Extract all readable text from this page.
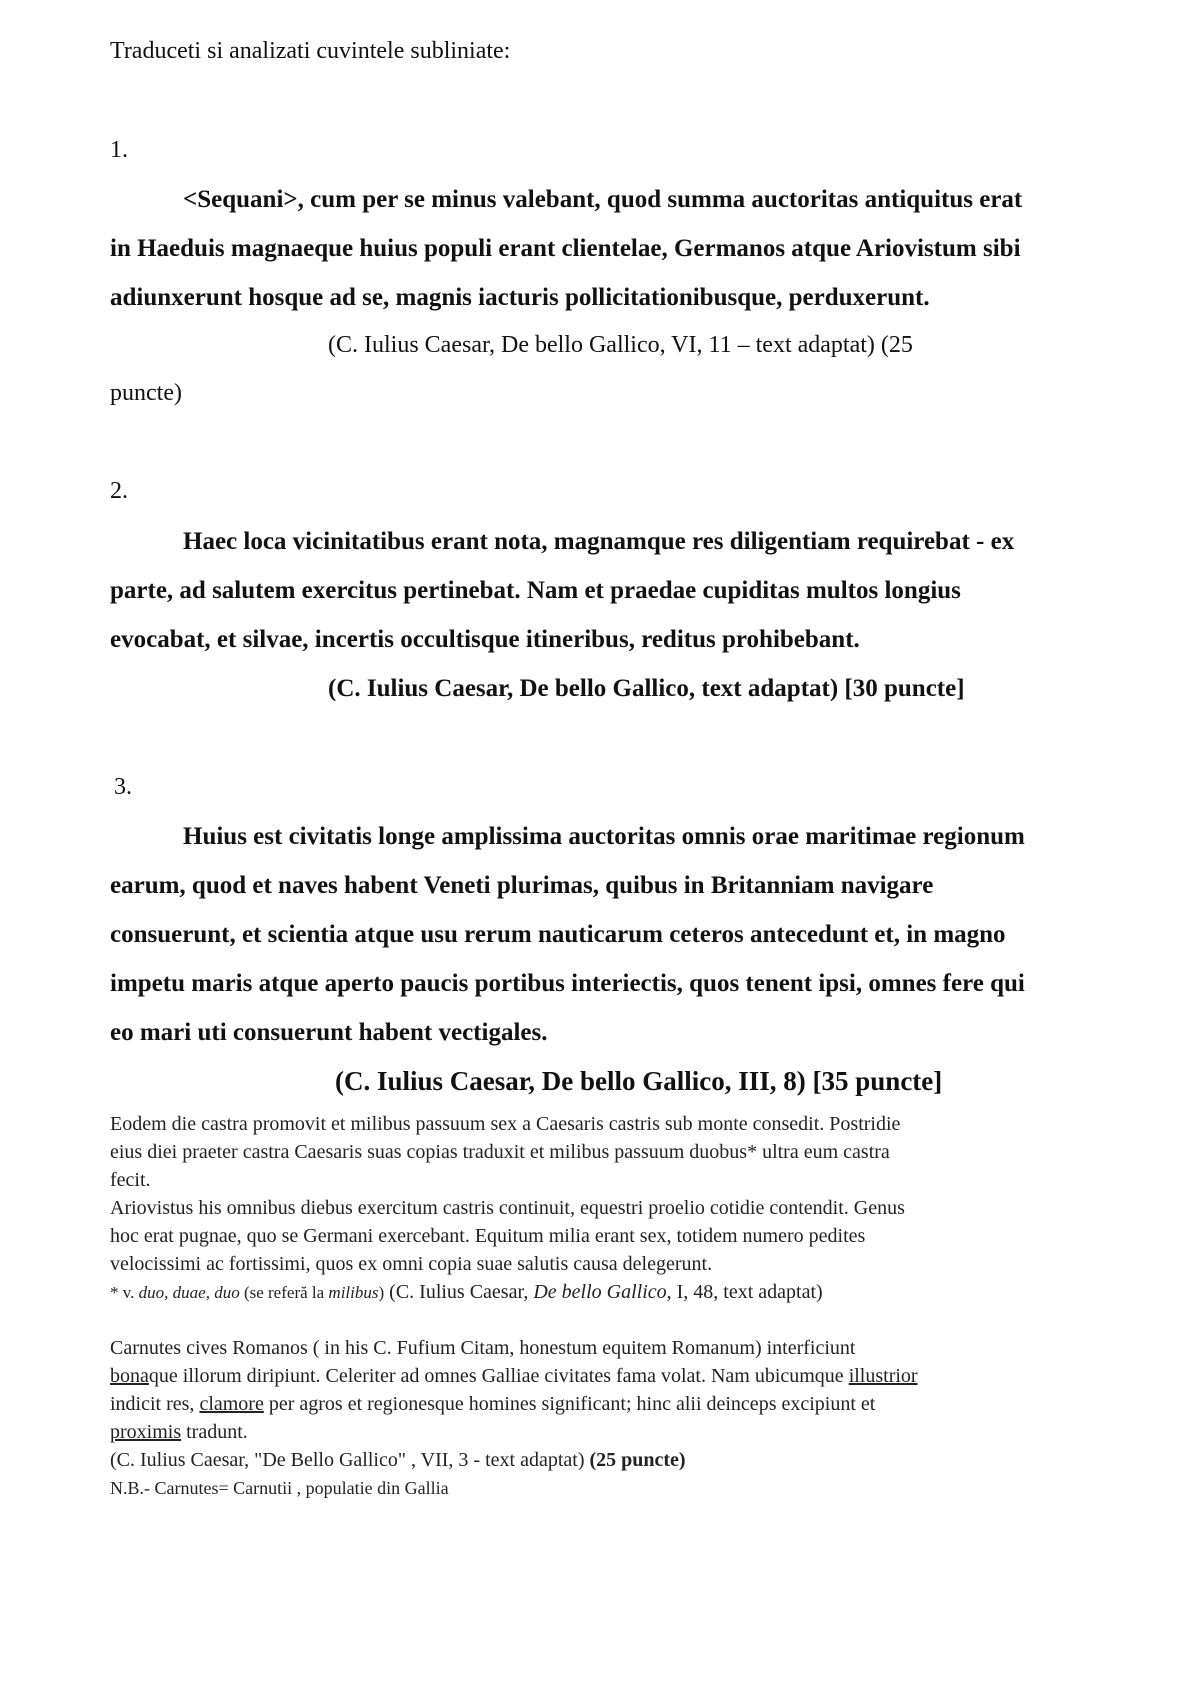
Traduceti si analizati cuvintele subliniate:

1.

<Sequani>, cum per se minus valebant, quod summa auctoritas antiquitus erat

in Haeduis magnaeque huius populi erant clientelae, Germanos atque Ariovistum sibi

adiunxerunt hosque ad se, magnis iacturis pollicitationibusque, perduxerunt.

(C. Iulius Caesar, De bello Gallico, VI, 11 – text adaptat) (25

puncte)

2.

Haec loca vicinitatibus erant nota, magnamque res diligentiam requirebat - ex

parte, ad salutem exercitus pertinebat. Nam et praedae cupiditas multos longius

evocabat, et silvae, incertis occultisque itineribus, reditus prohibebant.

(C. Iulius Caesar, De bello Gallico, text adaptat) [30 puncte]

3.

Huius est civitatis longe amplissima auctoritas omnis orae maritimae regionum

earum, quod et naves habent Veneti plurimas, quibus in Britanniam navigare

consuerunt, et scientia atque usu rerum nauticarum ceteros antecedunt et, in magno

impetu maris atque aperto paucis portibus interiectis, quos tenent ipsi, omnes fere qui

eo mari uti consuerunt habent vectigales.

(C. Iulius Caesar, De bello Gallico, III, 8) [35 puncte]

Eodem die castra promovit et milibus passuum sex a Caesaris castris sub monte consedit. Postridie

eius diei praeter castra Caesaris suas copias traduxit et milibus passuum duobus* ultra eum castra

fecit.

Ariovistus his omnibus diebus exercitum castris continuit, equestri proelio cotidie contendit. Genus

hoc erat pugnae, quo se Germani exercebant. Equitum milia erant sex, totidem numero pedites

velocissimi ac fortissimi, quos ex omni copia suae salutis causa delegerunt.

* v. duo, duae, duo (se referă la milibus) (C. Iulius Caesar, De bello Gallico, I, 48, text adaptat)

Carnutes cives Romanos ( in his C. Fufium Citam, honestum equitem Romanum) interficiunt

bonaque illorum diripiunt. Celeriter ad omnes Galliae civitates fama volat. Nam ubicumque illustrior

indicit res, clamore per agros et regionesque homines significant; hinc alii deinceps excipiunt et

proximis tradunt.

(C. Iulius Caesar, "De Bello Gallico" , VII, 3 - text adaptat) (25 puncte)

N.B.- Carnutes= Carnutii , populatie din Gallia
